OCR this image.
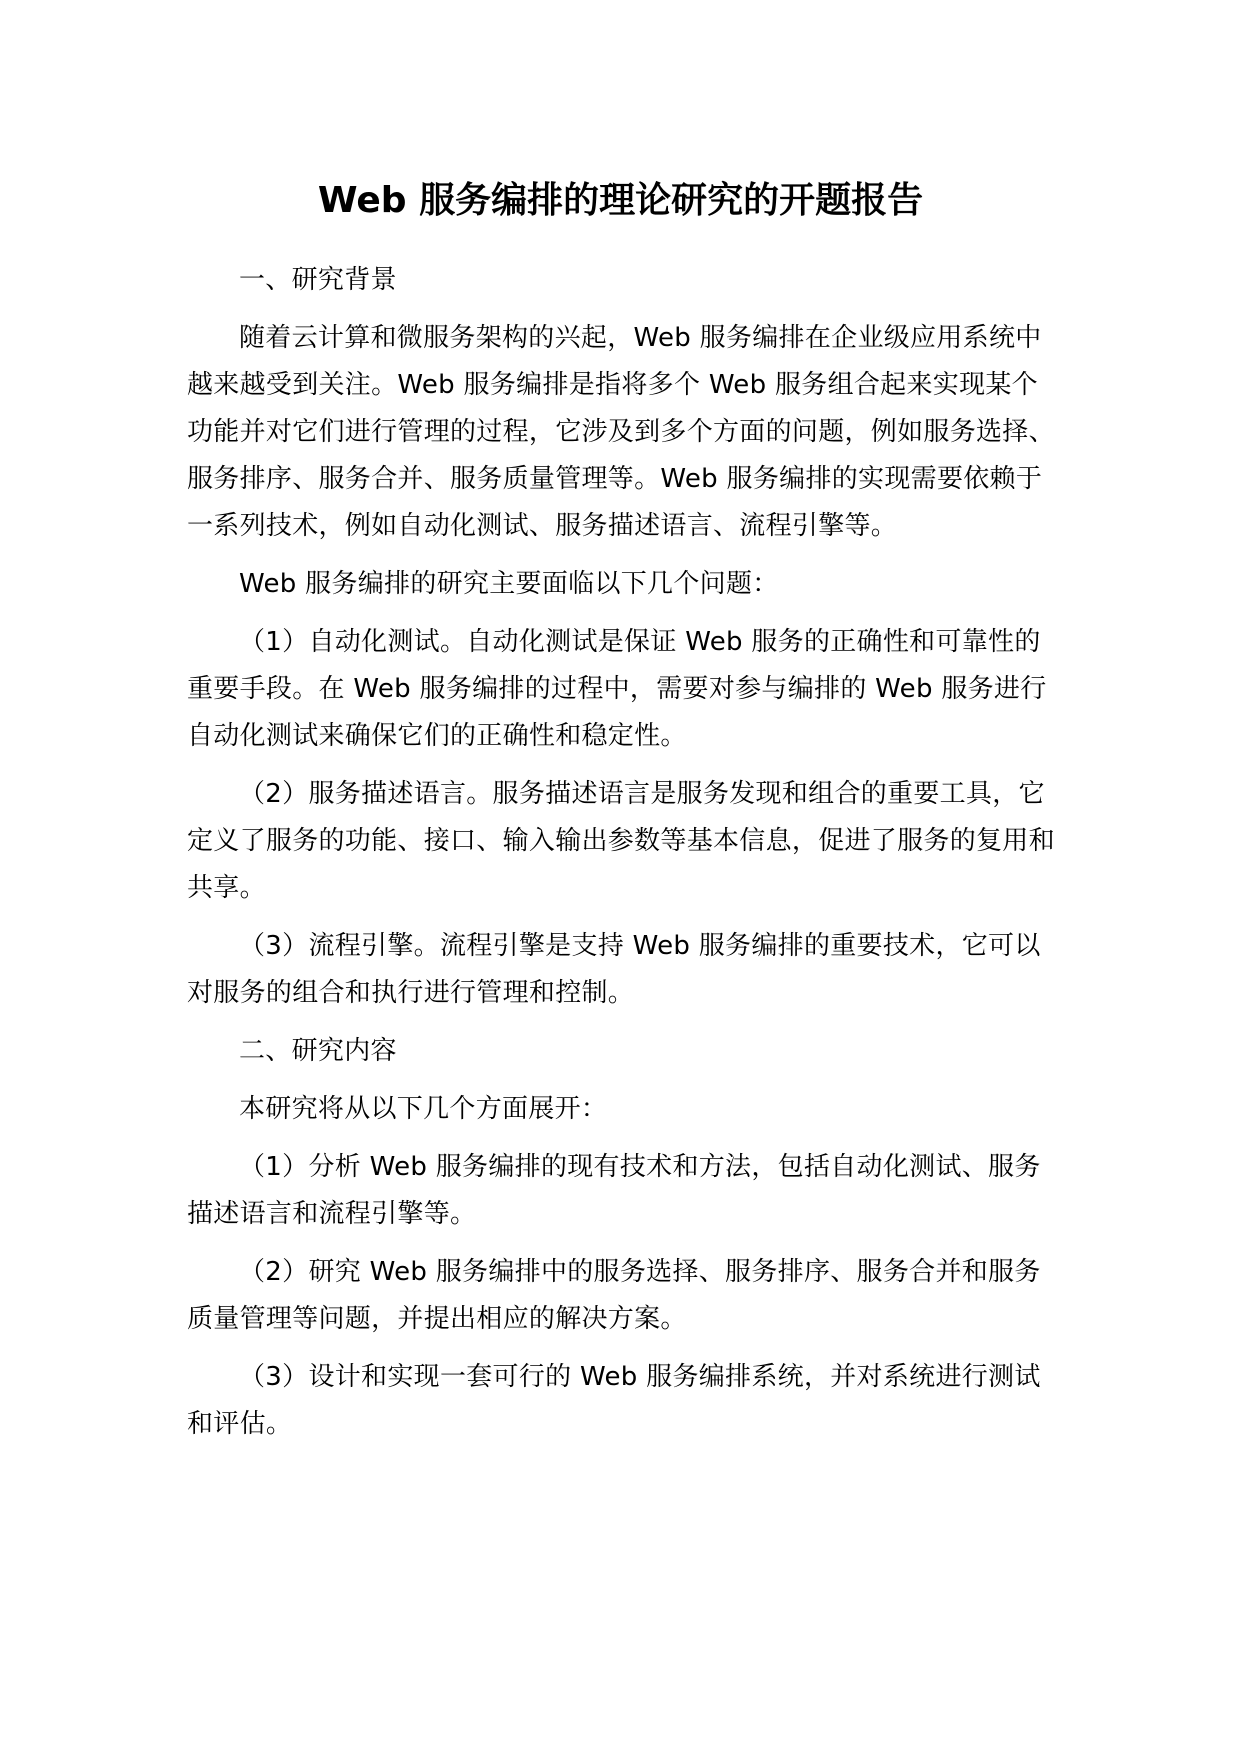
Web 服务编排的理论研究的开题报告

一、研究背景

随着云计算和微服务架构的兴起，Web 服务编排在企业级应用系统中越来越受到关注。Web 服务编排是指将多个 Web 服务组合起来实现某个功能并对它们进行管理的过程，它涉及到多个方面的问题，例如服务选择、服务排序、服务合并、服务质量管理等。Web 服务编排的实现需要依赖于一系列技术，例如自动化测试、服务描述语言、流程引擎等。

Web 服务编排的研究主要面临以下几个问题：

（1）自动化测试。自动化测试是保证 Web 服务的正确性和可靠性的重要手段。在 Web 服务编排的过程中，需要对参与编排的 Web 服务进行自动化测试来确保它们的正确性和稳定性。

（2）服务描述语言。服务描述语言是服务发现和组合的重要工具，它定义了服务的功能、接口、输入输出参数等基本信息，促进了服务的复用和共享。

（3）流程引擎。流程引擎是支持 Web 服务编排的重要技术，它可以对服务的组合和执行进行管理和控制。

二、研究内容

本研究将从以下几个方面展开：

（1）分析 Web 服务编排的现有技术和方法，包括自动化测试、服务描述语言和流程引擎等。

（2）研究 Web 服务编排中的服务选择、服务排序、服务合并和服务质量管理等问题，并提出相应的解决方案。

（3）设计和实现一套可行的 Web 服务编排系统，并对系统进行测试和评估。
